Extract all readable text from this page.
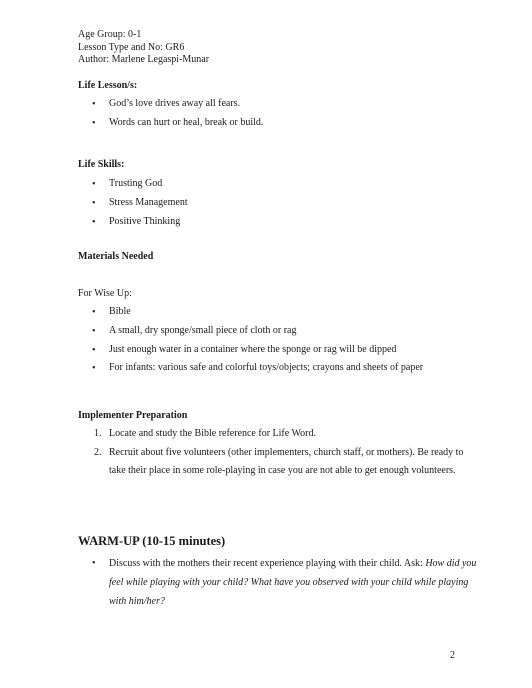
Age Group: 0-1
Lesson Type and No: GR6
Author: Marlene Legaspi-Munar
Life Lesson/s:
• God’s love drives away all fears.
• Words can hurt or heal, break or build.
Life Skills:
• Trusting God
• Stress Management
• Positive Thinking
Materials Needed
For Wise Up:
• Bible
• A small, dry sponge/small piece of cloth or rag
• Just enough water in a container where the sponge or rag will be dipped
• For infants: various safe and colorful toys/objects; crayons and sheets of paper
Implementer Preparation
1. Locate and study the Bible reference for Life Word.
2. Recruit about five volunteers (other implementers, church staff, or mothers). Be ready to take their place in some role-playing in case you are not able to get enough volunteers.
WARM-UP (10-15 minutes)
• Discuss with the mothers their recent experience playing with their child. Ask: How did you feel while playing with your child? What have you observed with your child while playing with him/her?
2
